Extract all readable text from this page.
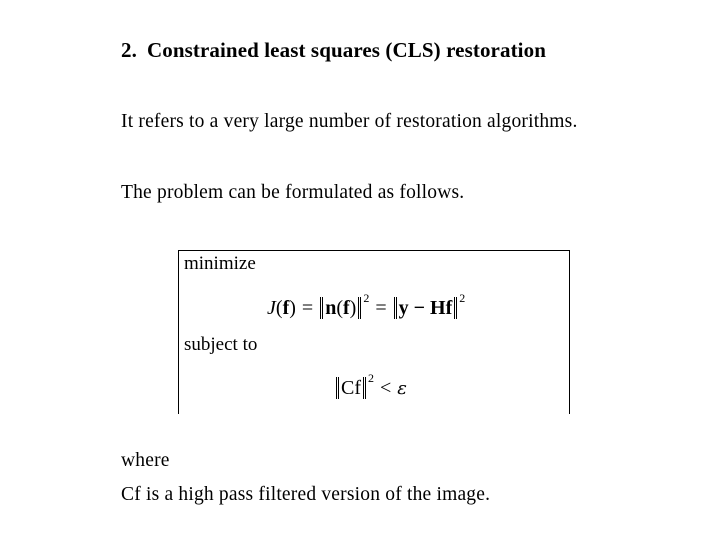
2. Constrained least squares (CLS) restoration
It refers to a very large number of restoration algorithms.
The problem can be formulated as follows.
minimize
J(f) = n(f) $^2$ = y − Hf $^2$
subject to
Cf $^2$ < ε
where
Cf is a high pass filtered version of the image.
